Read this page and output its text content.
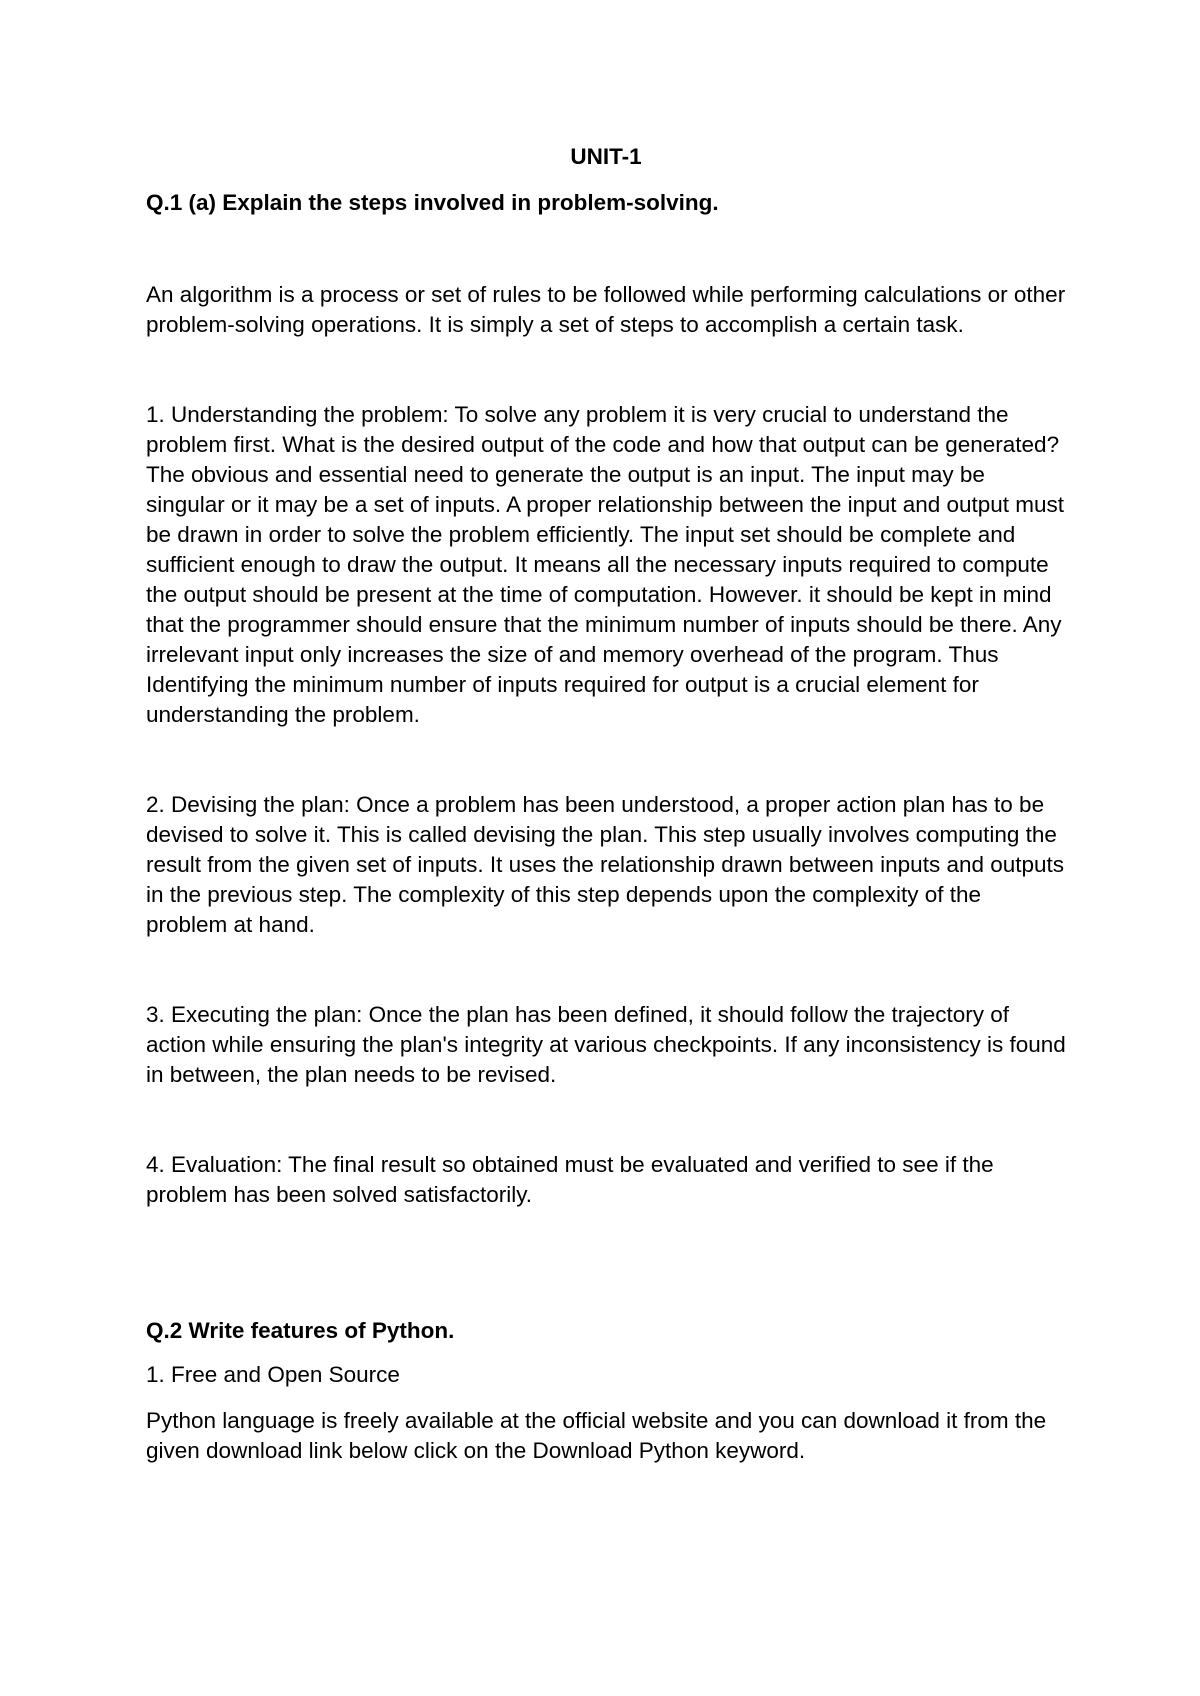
UNIT-1

Q.1 (a) Explain the steps involved in problem-solving.

An algorithm is a process or set of rules to be followed while performing calculations or other problem-solving operations. It is simply a set of steps to accomplish a certain task.

1. Understanding the problem: To solve any problem it is very crucial to understand the problem first. What is the desired output of the code and how that output can be generated? The obvious and essential need to generate the output is an input. The input may be singular or it may be a set of inputs. A proper relationship between the input and output must be drawn in order to solve the problem efficiently. The input set should be complete and sufficient enough to draw the output. It means all the necessary inputs required to compute the output should be present at the time of computation. However. it should be kept in mind that the programmer should ensure that the minimum number of inputs should be there. Any irrelevant input only increases the size of and memory overhead of the program. Thus Identifying the minimum number of inputs required for output is a crucial element for understanding the problem.

2. Devising the plan: Once a problem has been understood, a proper action plan has to be devised to solve it. This is called devising the plan. This step usually involves computing the result from the given set of inputs. It uses the relationship drawn between inputs and outputs in the previous step. The complexity of this step depends upon the complexity of the problem at hand.

3. Executing the plan: Once the plan has been defined, it should follow the trajectory of action while ensuring the plan's integrity at various checkpoints. If any inconsistency is found in between, the plan needs to be revised.

4. Evaluation: The final result so obtained must be evaluated and verified to see if the problem has been solved satisfactorily.

Q.2 Write features of Python.

1. Free and Open Source

Python language is freely available at the official website and you can download it from the given download link below click on the Download Python keyword.
